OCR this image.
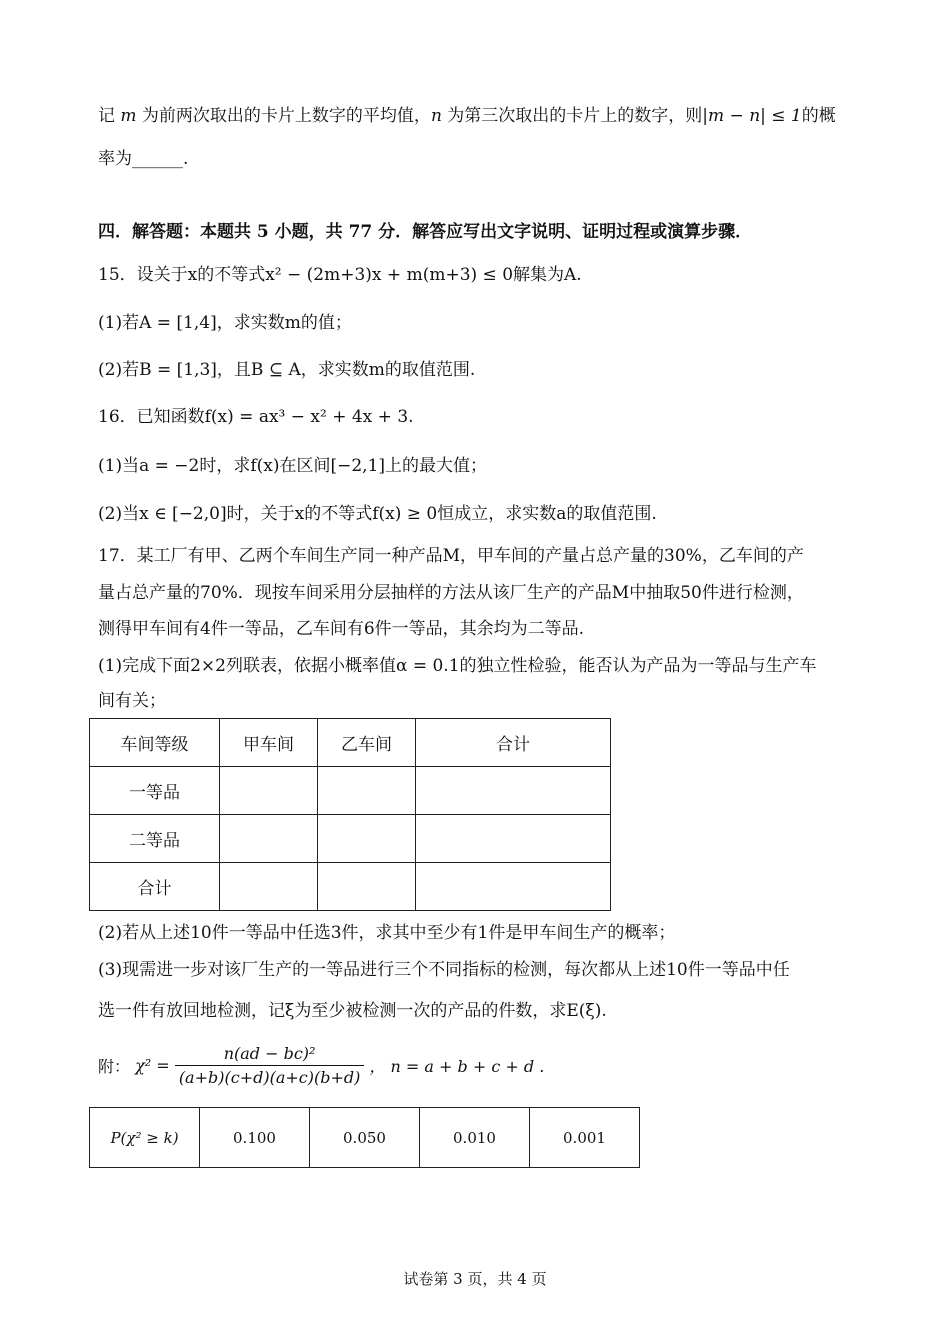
记 m 为前两次取出的卡片上数字的平均值，n 为第三次取出的卡片上的数字，则|m − n| ≤ 1的概
率为______.
四．解答题：本题共 5 小题，共 77 分．解答应写出文字说明、证明过程或演算步骤．
15．设关于x的不等式x² − (2m+3)x + m(m+3) ≤ 0解集为A.
(1)若A = [1,4]，求实数m的值；
(2)若B = [1,3]，且B ⊆ A，求实数m的取值范围.
16．已知函数f(x) = ax³ − x² + 4x + 3.
(1)当a = −2时，求f(x)在区间[−2,1]上的最大值；
(2)当x ∈ [−2,0]时，关于x的不等式f(x) ≥ 0恒成立，求实数a的取值范围.
17．某工厂有甲、乙两个车间生产同一种产品M，甲车间的产量占总产量的30%，乙车间的产
量占总产量的70%．现按车间采用分层抽样的方法从该厂生产的产品M中抽取50件进行检测，
测得甲车间有4件一等品，乙车间有6件一等品，其余均为二等品.
(1)完成下面2×2列联表，依据小概率值α = 0.1的独立性检验，能否认为产品为一等品与生产车
间有关；
车间等级	甲车间	乙车间	合计
一等品			
二等品			
合计			
(2)若从上述10件一等品中任选3件，求其中至少有1件是甲车间生产的概率；
(3)现需进一步对该厂生产的一等品进行三个不同指标的检测，每次都从上述10件一等品中任
选一件有放回地检测，记ξ为至少被检测一次的产品的件数，求E(ξ).
附： $\chi^2 = \frac{\text{n(ad − bc)²}}{(a+b)(c+d)(a+c)(b+d)}$ ， n = a + b + c + d .
P(χ² ≥ k)	0.100	0.050	0.010	0.001
试卷第 3 页，共 4 页
